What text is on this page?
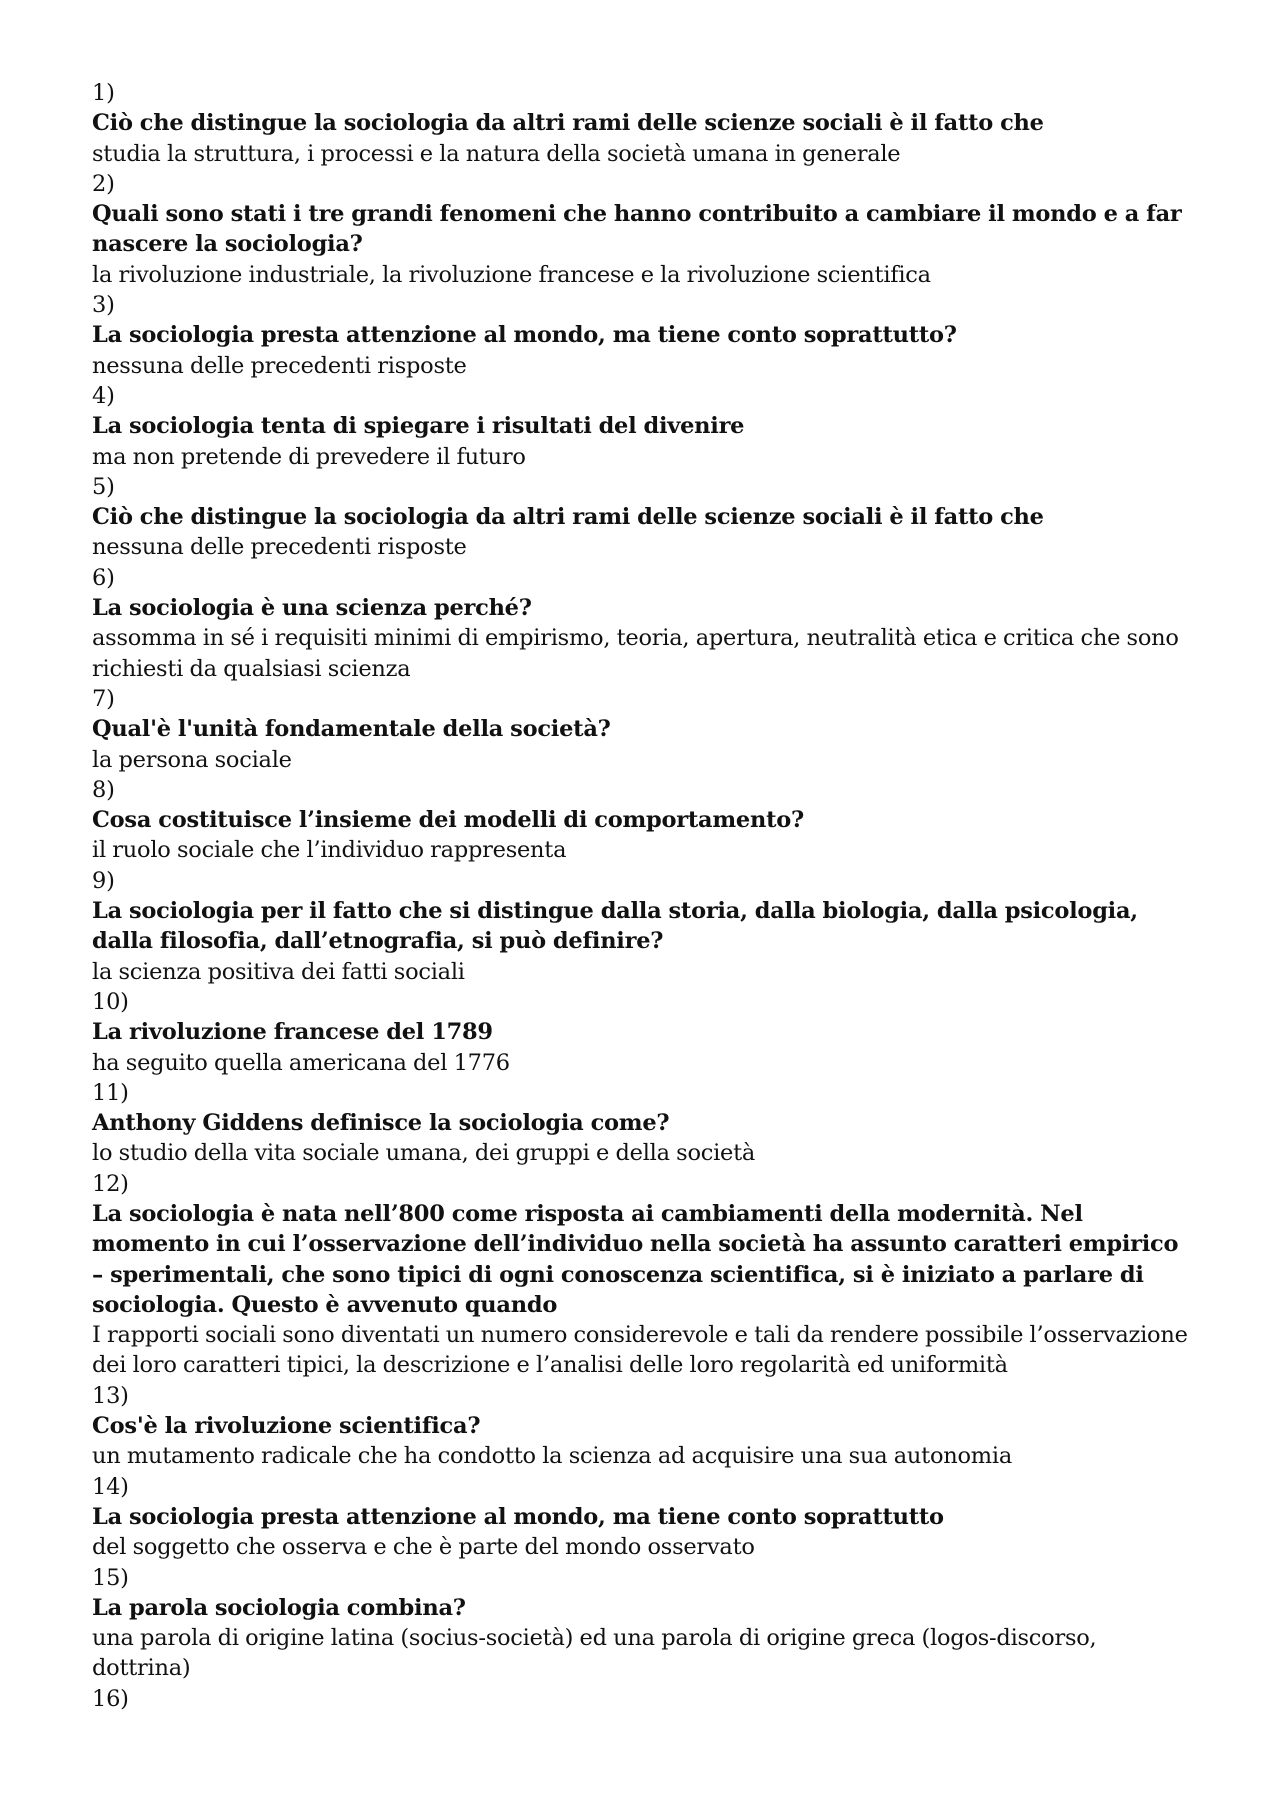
1)
Ciò che distingue la sociologia da altri rami delle scienze sociali è il fatto che
studia la struttura, i processi e la natura della società umana in generale
2)
Quali sono stati i tre grandi fenomeni che hanno contribuito a cambiare il mondo e a far nascere la sociologia?
la rivoluzione industriale, la rivoluzione francese e la rivoluzione scientifica
3)
La sociologia presta attenzione al mondo, ma tiene conto soprattutto?
nessuna delle precedenti risposte
4)
La sociologia tenta di spiegare i risultati del divenire
ma non pretende di prevedere il futuro
5)
Ciò che distingue la sociologia da altri rami delle scienze sociali è il fatto che
nessuna delle precedenti risposte
6)
La sociologia è una scienza perché?
assomma in sé i requisiti minimi di empirismo, teoria, apertura, neutralità etica e critica che sono richiesti da qualsiasi scienza
7)
Qual'è l'unità fondamentale della società?
la persona sociale
8)
Cosa costituisce l’insieme dei modelli di comportamento?
il ruolo sociale che l’individuo rappresenta
9)
La sociologia per il fatto che si distingue dalla storia, dalla biologia, dalla psicologia, dalla filosofia, dall’etnografia, si può definire?
la scienza positiva dei fatti sociali
10)
La rivoluzione francese del 1789
ha seguito quella americana del 1776
11)
Anthony Giddens definisce la sociologia come?
lo studio della vita sociale umana, dei gruppi e della società
12)
La sociologia è nata nell’800 come risposta ai cambiamenti della modernità. Nel momento in cui l’osservazione dell’individuo nella società ha assunto caratteri empirico – sperimentali, che sono tipici di ogni conoscenza scientifica, si è iniziato a parlare di sociologia. Questo è avvenuto quando
I rapporti sociali sono diventati un numero considerevole e tali da rendere possibile l’osservazione dei loro caratteri tipici, la descrizione e l’analisi delle loro regolarità ed uniformità
13)
Cos'è la rivoluzione scientifica?
un mutamento radicale che ha condotto la scienza ad acquisire una sua autonomia
14)
La sociologia presta attenzione al mondo, ma tiene conto soprattutto
del soggetto che osserva e che è parte del mondo osservato
15)
La parola sociologia combina?
una parola di origine latina (socius-società) ed una parola di origine greca (logos-discorso, dottrina)
16)
